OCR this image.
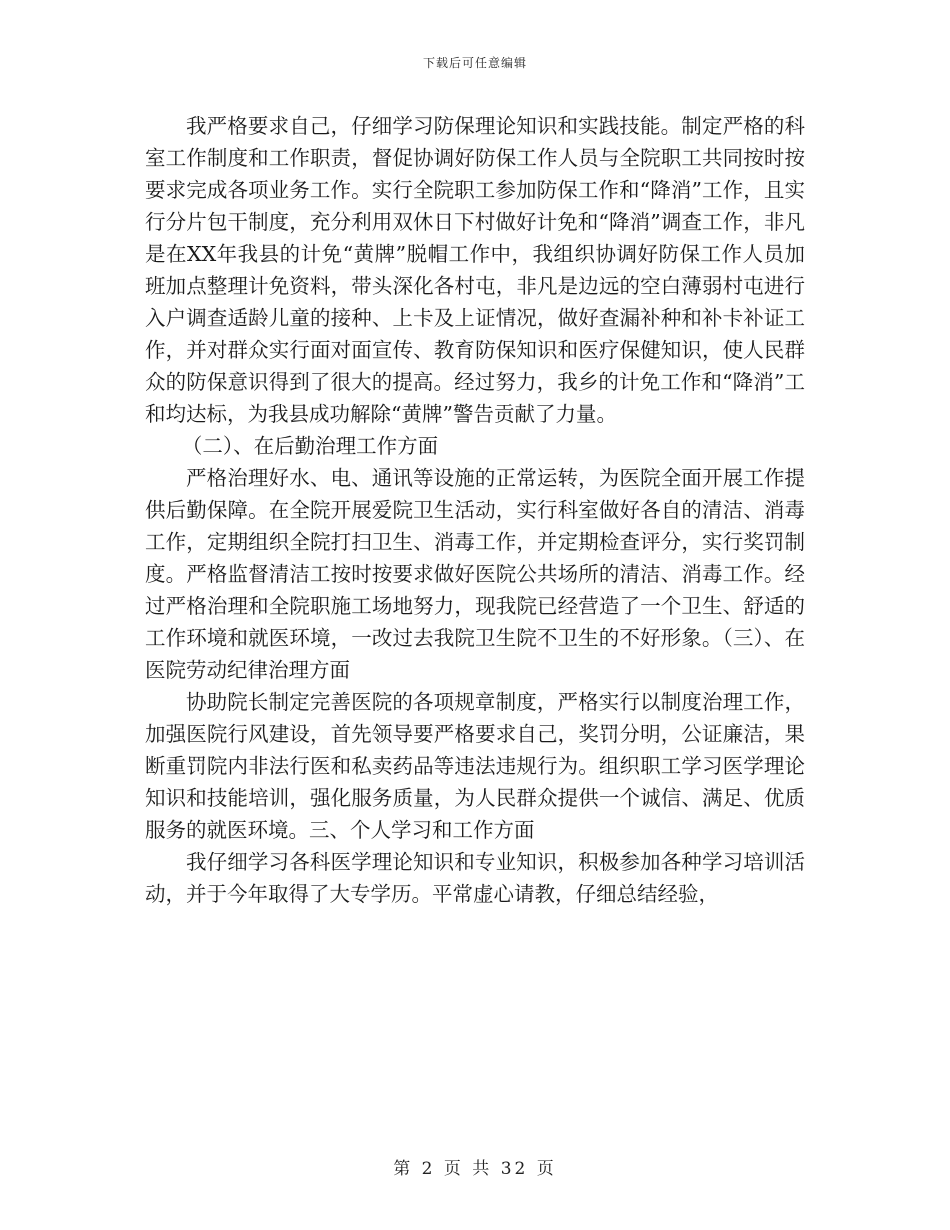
下载后可任意编辑

我严格要求自己，仔细学习防保理论知识和实践技能。制定严格的科室工作制度和工作职责，督促协调好防保工作人员与全院职工共同按时按要求完成各项业务工作。实行全院职工参加防保工作和“降消”工作，且实行分片包干制度，充分利用双休日下村做好计免和“降消”调查工作，非凡是在XX年我县的计免“黄牌”脱帽工作中，我组织协调好防保工作人员加班加点整理计免资料，带头深化各村屯，非凡是边远的空白薄弱村屯进行入户调查适龄儿童的接种、上卡及上证情况，做好查漏补种和补卡补证工作，并对群众实行面对面宣传、教育防保知识和医疗保健知识，使人民群众的防保意识得到了很大的提高。经过努力，我乡的计免工作和“降消”工和均达标，为我县成功解除“黄牌”警告贡献了力量。

（二）、在后勤治理工作方面

严格治理好水、电、通讯等设施的正常运转，为医院全面开展工作提供后勤保障。在全院开展爱院卫生活动，实行科室做好各自的清洁、消毒工作，定期组织全院打扫卫生、消毒工作，并定期检查评分，实行奖罚制度。严格监督清洁工按时按要求做好医院公共场所的清洁、消毒工作。经过严格治理和全院职施工场地努力，现我院已经营造了一个卫生、舒适的工作环境和就医环境，一改过去我院卫生院不卫生的不好形象。（三）、在医院劳动纪律治理方面

协助院长制定完善医院的各项规章制度，严格实行以制度治理工作，加强医院行风建设，首先领导要严格要求自己，奖罚分明，公证廉洁，果断重罚院内非法行医和私卖药品等违法违规行为。组织职工学习医学理论知识和技能培训，强化服务质量，为人民群众提供一个诚信、满足、优质服务的就医环境。三、个人学习和工作方面

我仔细学习各科医学理论知识和专业知识，积极参加各种学习培训活动，并于今年取得了大专学历。平常虚心请教，仔细总结经验，

第 2 页 共 32 页
